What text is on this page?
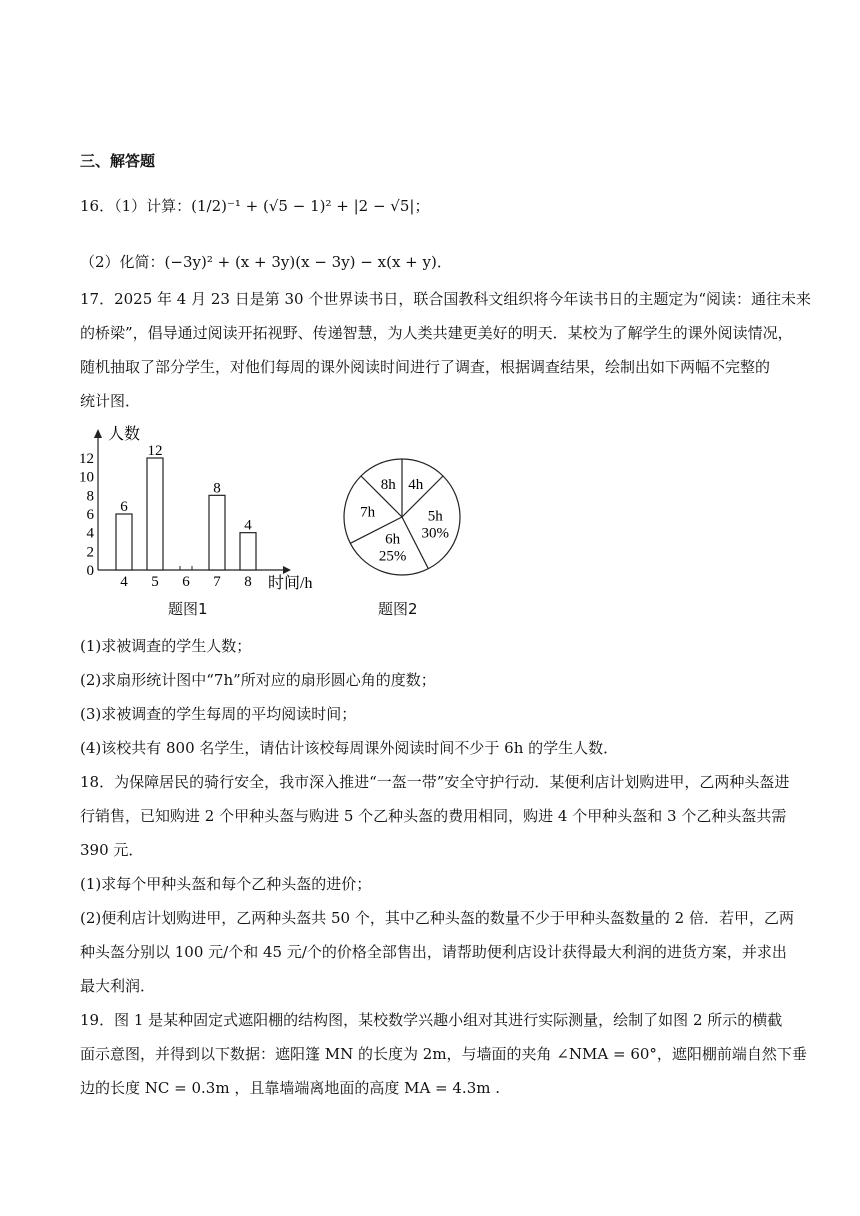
三、解答题
16．（1）计算：(1/2)⁻¹ + (√5 − 1)² + |2 − √5|；
（2）化简：(−3y)² + (x + 3y)(x − 3y) − x(x + y)．
17．2025 年 4 月 23 日是第 30 个世界读书日，联合国教科文组织将今年读书日的主题定为“阅读：通往未来
的桥梁”，倡导通过阅读开拓视野、传递智慧，为人类共建更美好的明天．某校为了解学生的课外阅读情况，
随机抽取了部分学生，对他们每周的课外阅读时间进行了调查，根据调查结果，绘制出如下两幅不完整的
统计图．
人数
时间/h
0
2
4
6
8
10
12
4
6
5
12
6 7
8
8
4
题图1
4h
5h
30%
6h
25%
7h
8h
题图2
(1)求被调查的学生人数；
(2)求扇形统计图中“7h”所对应的扇形圆心角的度数；
(3)求被调查的学生每周的平均阅读时间；
(4)该校共有 800 名学生，请估计该校每周课外阅读时间不少于 6h 的学生人数．
18．为保障居民的骑行安全，我市深入推进“一盔一带”安全守护行动．某便利店计划购进甲，乙两种头盔进
行销售，已知购进 2 个甲种头盔与购进 5 个乙种头盔的费用相同，购进 4 个甲种头盔和 3 个乙种头盔共需
390 元．
(1)求每个甲种头盔和每个乙种头盔的进价；
(2)便利店计划购进甲，乙两种头盔共 50 个，其中乙种头盔的数量不少于甲种头盔数量的 2 倍．若甲，乙两
种头盔分别以 100 元/个和 45 元/个的价格全部售出，请帮助便利店设计获得最大利润的进货方案，并求出
最大利润．
19．图 1 是某种固定式遮阳棚的结构图，某校数学兴趣小组对其进行实际测量，绘制了如图 2 所示的横截
面示意图，并得到以下数据：遮阳篷 MN 的长度为 2m，与墙面的夹角 ∠NMA = 60°，遮阳棚前端自然下垂
边的长度 NC = 0.3m ，且靠墙端离地面的高度 MA = 4.3m .
